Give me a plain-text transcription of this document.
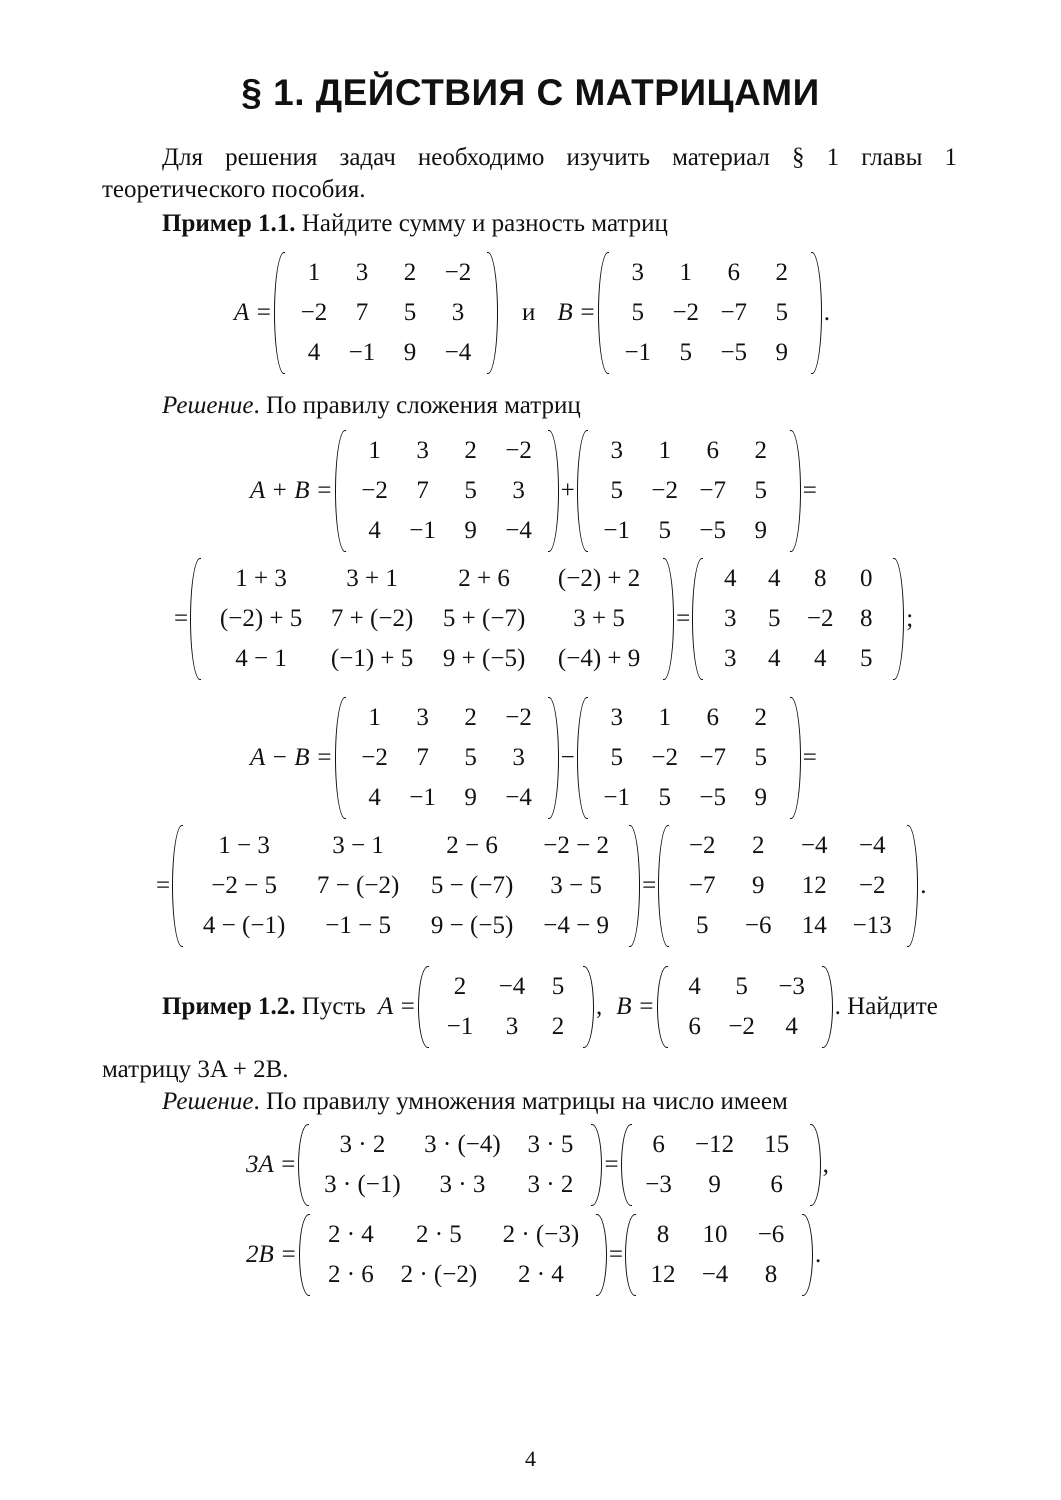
§ 1. ДЕЙСТВИЯ С МАТРИЦАМИ

Для решения задач необходимо изучить материал § 1 главы 1

теоретического пособия.

Пример 1.1. Найдите сумму и разность матриц

A =
1 3 2 −2
−2 7 5 3
4 −1 9 −4
и B =
3 1 6 2
5 −2 −7 5
−1 5 −5 9
.

Решение. По правилу сложения матриц

A + B =
1 3 2 −2
−2 7 5 3
4 −1 9 −4
+
3 1 6 2
5 −2 −7 5
−1 5 −5 9
=
=
1 + 3 3 + 1 2 + 6 (−2) + 2
(−2) + 5 7 + (−2) 5 + (−7) 3 + 5
4 − 1 (−1) + 5 9 + (−5) (−4) + 9
=
4 4 8 0
3 5 −2 8
3 4 4 5
;
A − B =
1 3 2 −2
−2 7 5 3
4 −1 9 −4
−
3 1 6 2
5 −2 −7 5
−1 5 −5 9
=
=
1 − 3 3 − 1 2 − 6 −2 − 2
−2 − 5 7 − (−2) 5 − (−7) 3 − 5
4 − (−1) −1 − 5 9 − (−5) −4 − 9
=
−2 2 −4 −4
−7 9 12 −2
5 −6 14 −13
.
Пример 1.2. Пусть A =
2 −4 5
−1 3 2
, B =
4 5 −3
6 −2 4
. Найдите

матрицу 3A + 2B.

Решение. По правилу умножения матрицы на число имеем

3A =
3 · 2 3 · (−4) 3 · 5
3 · (−1) 3 · 3 3 · 2
=
6 −12 15
−3 9 6
,
2B =
2 · 4 2 · 5 2 · (−3)
2 · 6 2 · (−2) 2 · 4
=
8 10 −6
12 −4 8
.
4
